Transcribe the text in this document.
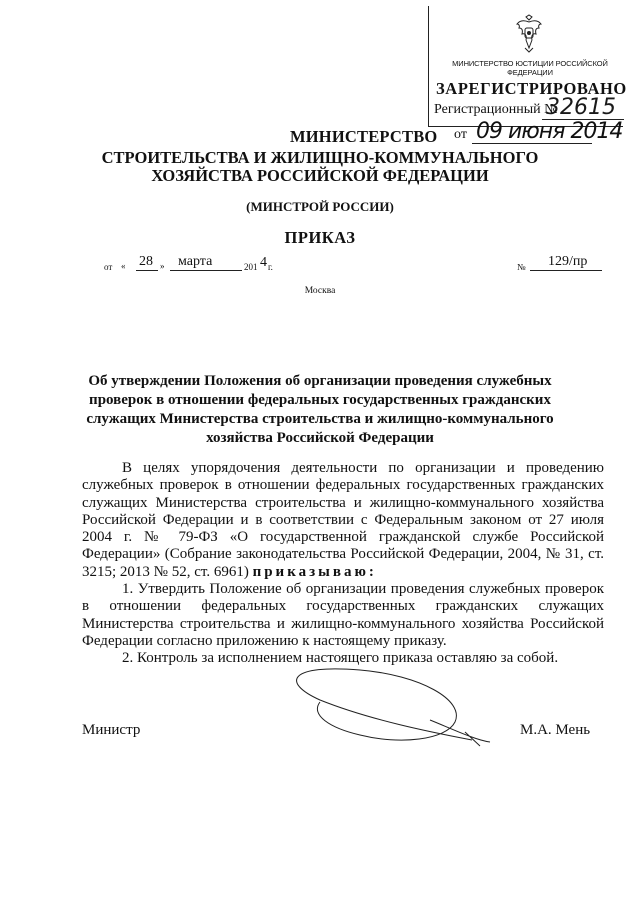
МИНИСТЕРСТВО ЮСТИЦИИ РОССИЙСКОЙ ФЕДЕРАЦИИ
ЗАРЕГИСТРИРОВАНО
Регистрационный №
32615
от 09 июня 2014
МИНИСТЕРСТВО
СТРОИТЕЛЬСТВА И ЖИЛИЩНО-КОММУНАЛЬНОГО
ХОЗЯЙСТВА РОССИЙСКОЙ ФЕДЕРАЦИИ
(МИНСТРОЙ РОССИИ)
ПРИКАЗ
от « 28 » марта	201 4 г.	№ 129/пр
Москва
Об утверждении Положения об организации проведения служебных проверок в отношении федеральных государственных гражданских служащих Министерства строительства и жилищно-коммунального хозяйства Российской Федерации

В целях упорядочения деятельности по организации и проведению служебных проверок в отношении федеральных государственных гражданских служащих Министерства строительства и жилищно-коммунального хозяйства Российской Федерации и в соответствии с Федеральным законом от 27 июля 2004 г. № 79-ФЗ «О государственной гражданской службе Российской Федерации» (Собрание законодательства Российской Федерации, 2004, № 31, ст. 3215; 2013 № 52, ст. 6961) приказываю:

1. Утвердить Положение об организации проведения служебных проверок в отношении федеральных государственных гражданских служащих Министерства строительства и жилищно-коммунального хозяйства Российской Федерации согласно приложению к настоящему приказу.

2. Контроль за исполнением настоящего приказа оставляю за собой.

Министр	М.А. Мень
